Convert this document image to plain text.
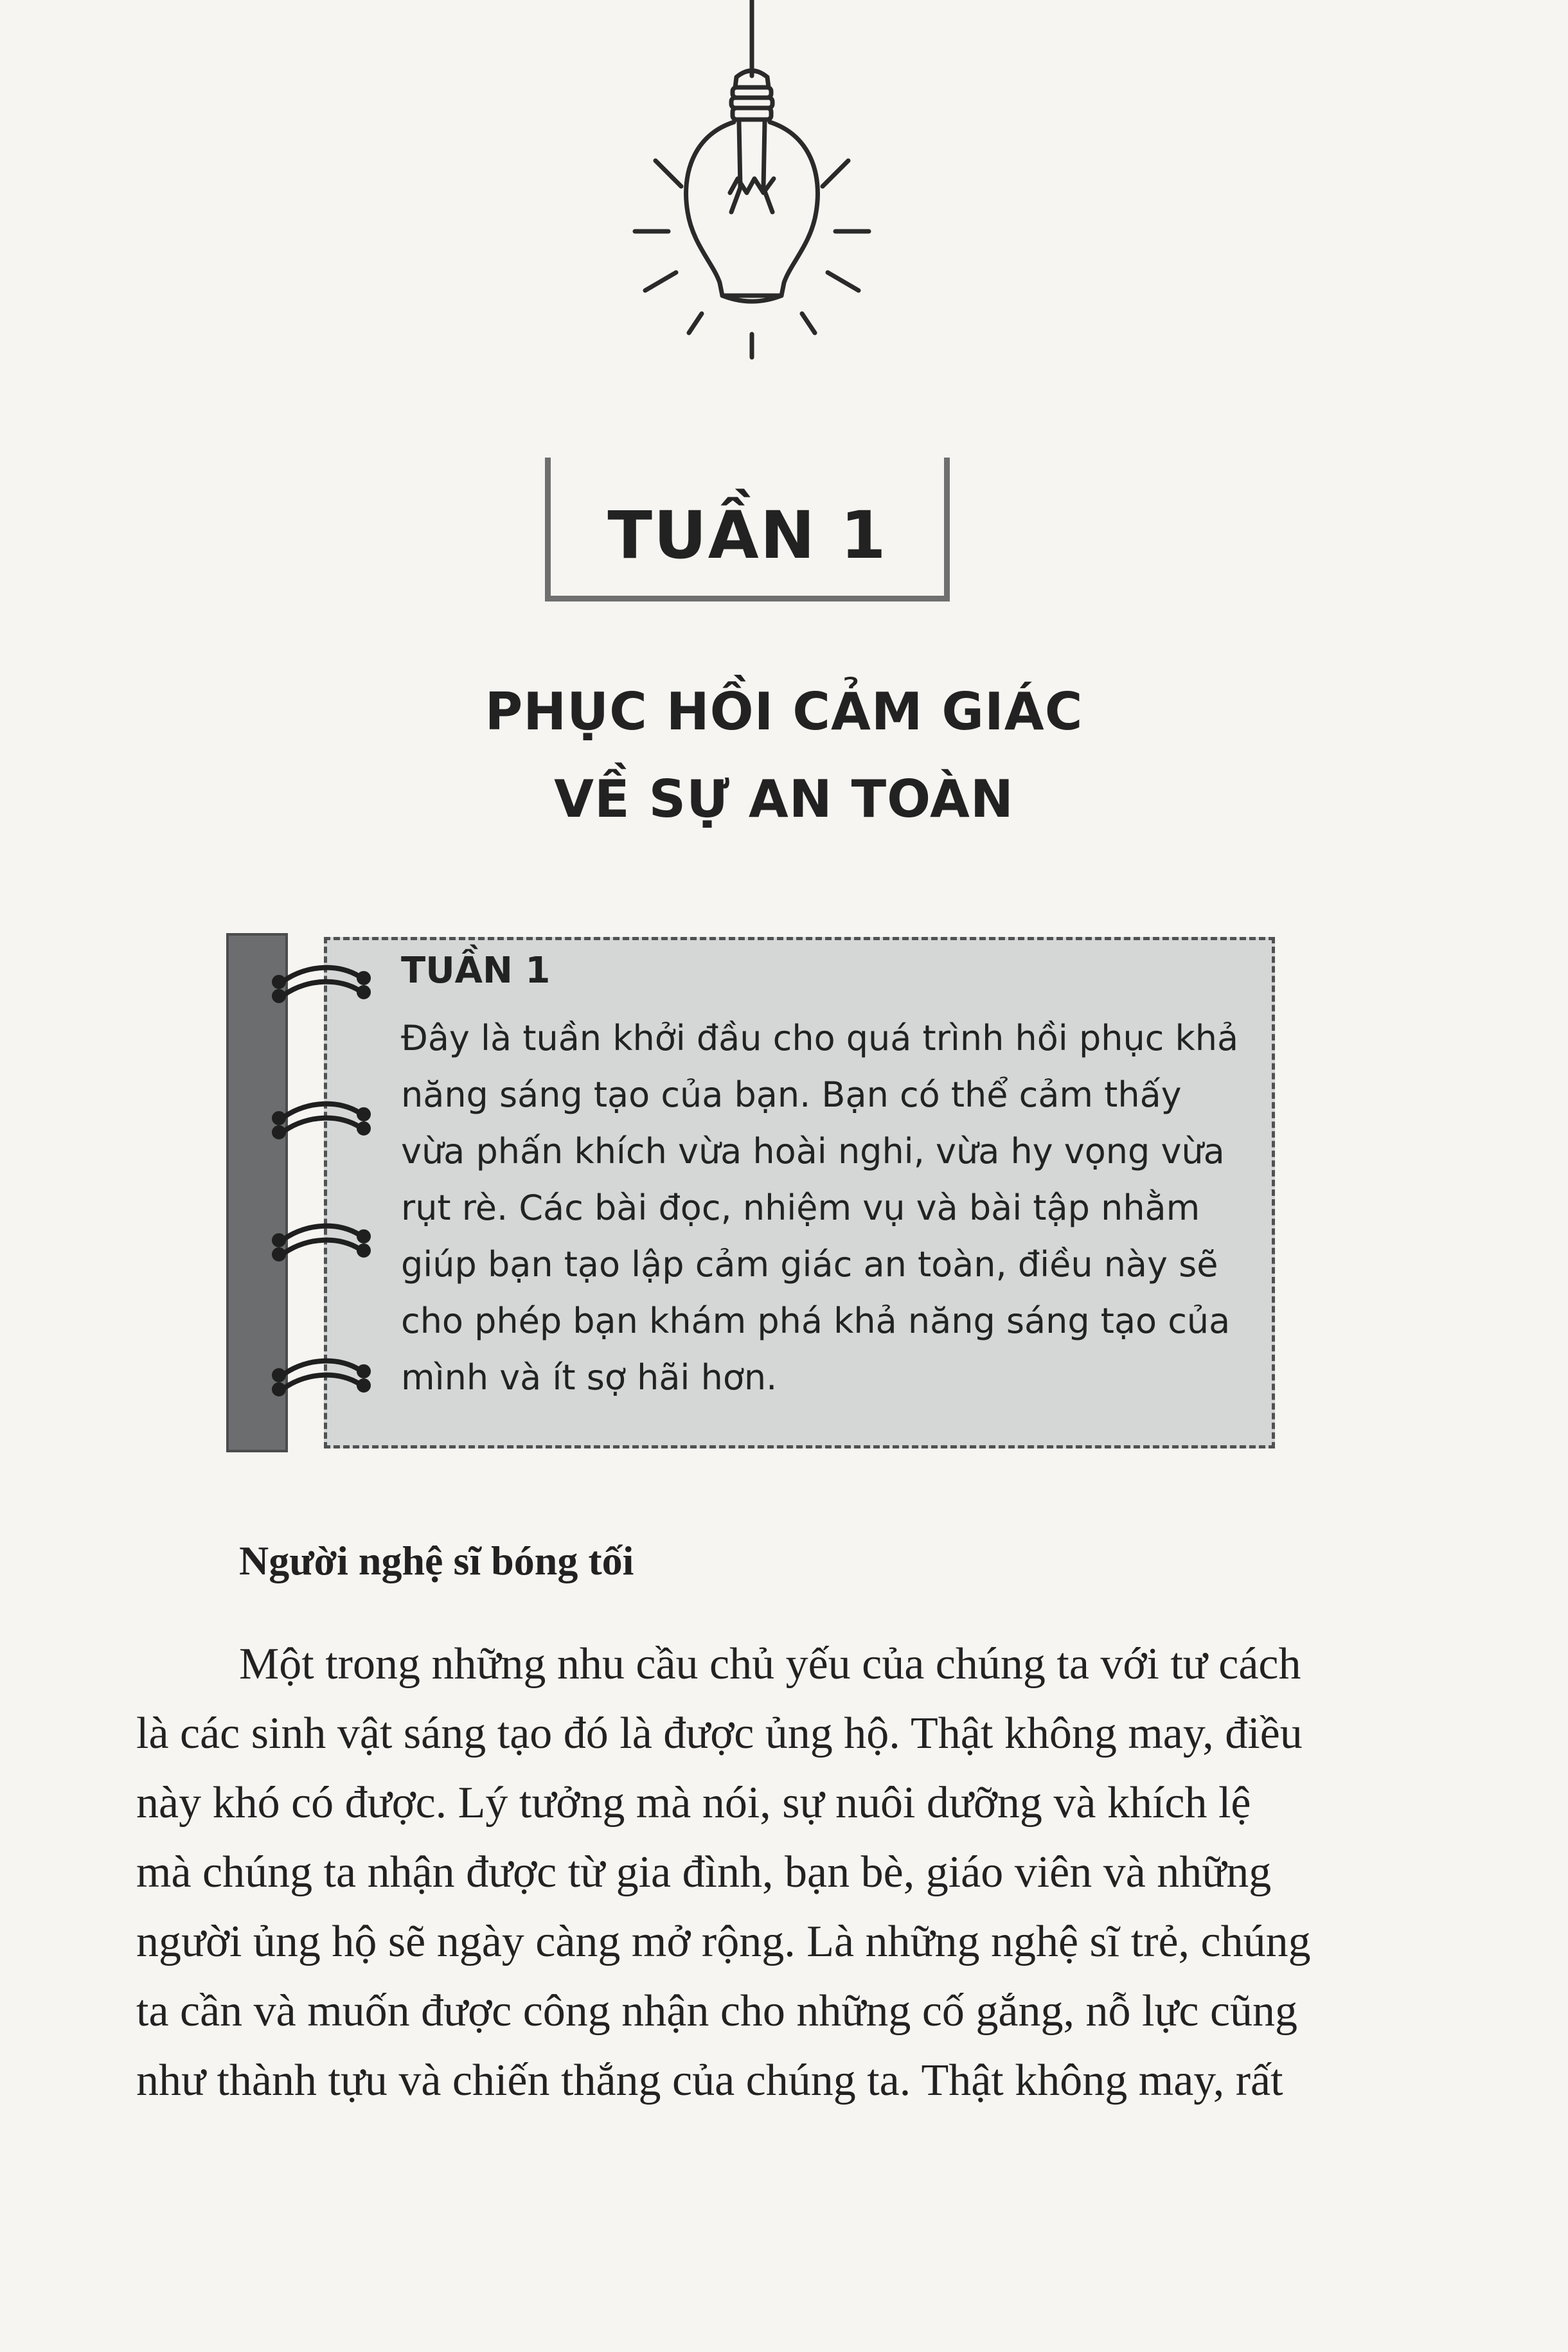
TUẦN 1
PHỤC HỒI CẢM GIÁC
VỀ SỰ AN TOÀN
TUẦN 1
Đây là tuần khởi đầu cho quá trình hồi phục khả
năng sáng tạo của bạn. Bạn có thể cảm thấy
vừa phấn khích vừa hoài nghi, vừa hy vọng vừa
rụt rè. Các bài đọc, nhiệm vụ và bài tập nhằm
giúp bạn tạo lập cảm giác an toàn, điều này sẽ
cho phép bạn khám phá khả năng sáng tạo của
mình và ít sợ hãi hơn.
Người nghệ sĩ bóng tối
Một trong những nhu cầu chủ yếu của chúng ta với tư cách
là các sinh vật sáng tạo đó là được ủng hộ. Thật không may, điều
này khó có được. Lý tưởng mà nói, sự nuôi dưỡng và khích lệ
mà chúng ta nhận được từ gia đình, bạn bè, giáo viên và những
người ủng hộ sẽ ngày càng mở rộng. Là những nghệ sĩ trẻ, chúng
ta cần và muốn được công nhận cho những cố gắng, nỗ lực cũng
như thành tựu và chiến thắng của chúng ta. Thật không may, rất
